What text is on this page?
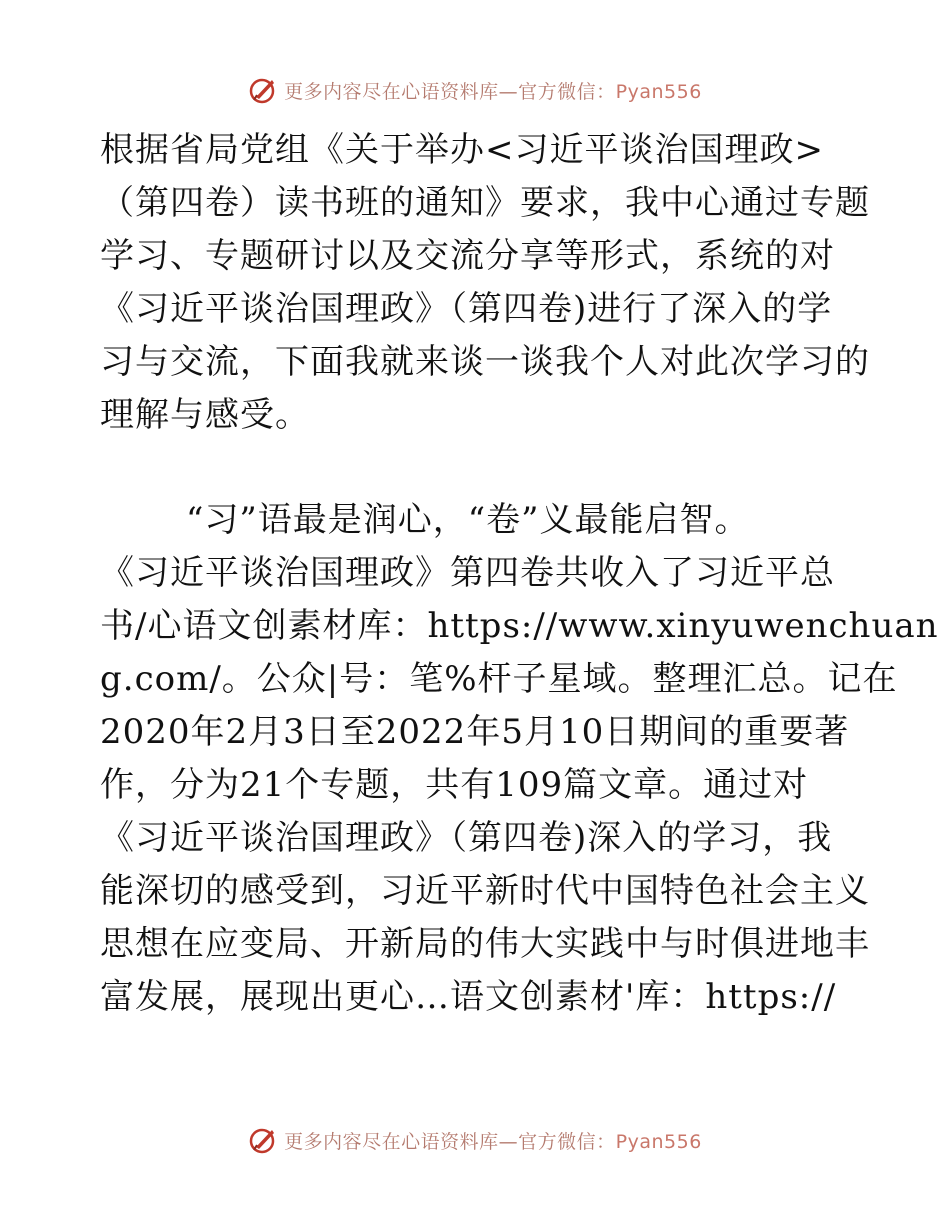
更多内容尽在心语资料库—官方微信：Pyan556
根据省局党组《关于举办<习近平谈治国理政>
（第四卷）读书班的通知》要求，我中心通过专题
学习、专题研讨以及交流分享等形式，系统的对
《习近平谈治国理政》（第四卷)进行了深入的学
习与交流，下面我就来谈一谈我个人对此次学习的
理解与感受。
“习”语最是润心，“卷”义最能启智。
《习近平谈治国理政》第四卷共收入了习近平总
书/心语文创素材库：https://www.xinyuwenchuan
g.com/。公众|号：笔%杆子星域。整理汇总。记在
2020年2月3日至2022年5月10日期间的重要著
作，分为21个专题，共有109篇文章。通过对
《习近平谈治国理政》（第四卷)深入的学习，我
能深切的感受到，习近平新时代中国特色社会主义
思想在应变局、开新局的伟大实践中与时俱进地丰
富发展，展现出更心…语文创素材'库：https://
更多内容尽在心语资料库—官方微信：Pyan556
